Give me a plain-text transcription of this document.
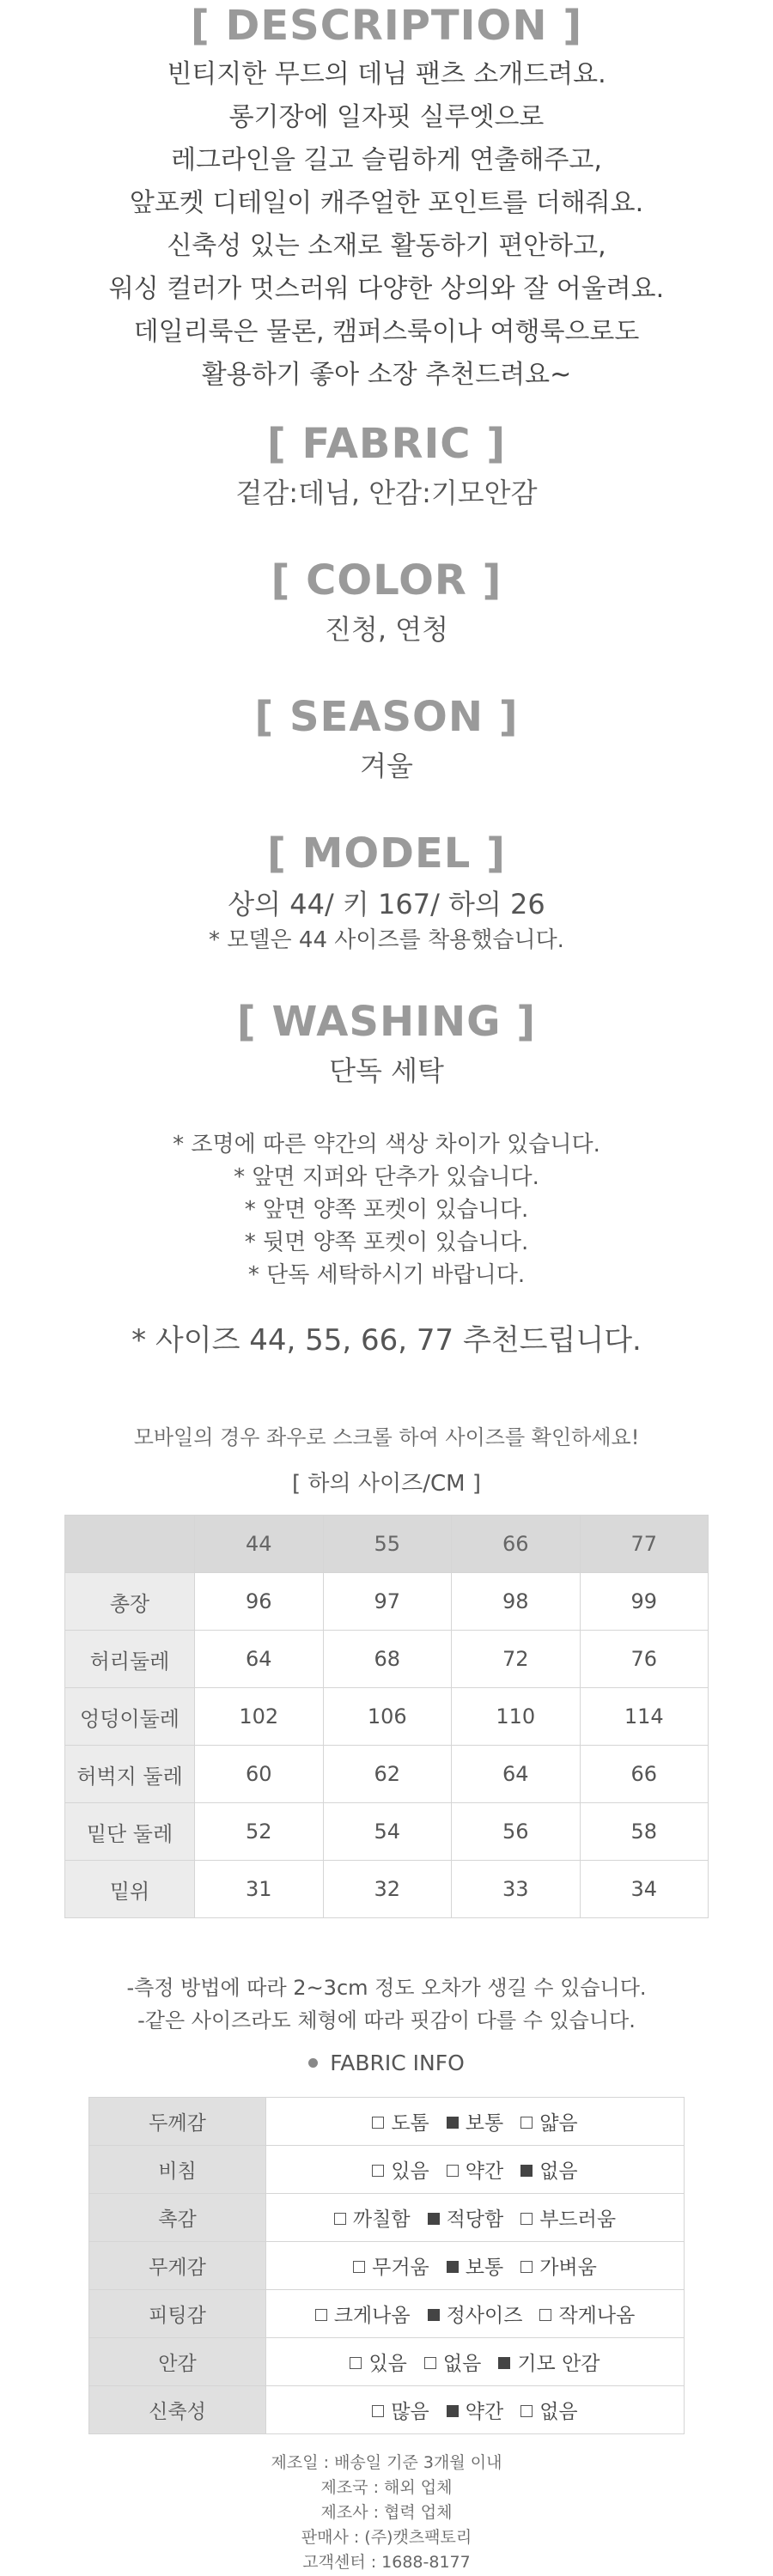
[ DESCRIPTION ]

빈티지한 무드의 데님 팬츠 소개드려요.

롱기장에 일자핏 실루엣으로

레그라인을 길고 슬림하게 연출해주고,

앞포켓 디테일이 캐주얼한 포인트를 더해줘요.

신축성 있는 소재로 활동하기 편안하고,

워싱 컬러가 멋스러워 다양한 상의와 잘 어울려요.

데일리룩은 물론, 캠퍼스룩이나 여행룩으로도

활용하기 좋아 소장 추천드려요~

[ FABRIC ]

겉감:데님, 안감:기모안감

[ COLOR ]

진청, 연청

[ SEASON ]

겨울

[ MODEL ]

상의 44/ 키 167/ 하의 26

* 모델은 44 사이즈를 착용했습니다.

[ WASHING ]

단독 세탁

* 조명에 따른 약간의 색상 차이가 있습니다.

* 앞면 지퍼와 단추가 있습니다.

* 앞면 양쪽 포켓이 있습니다.

* 뒷면 양쪽 포켓이 있습니다.

* 단독 세탁하시기 바랍니다.

* 사이즈 44, 55, 66, 77 추천드립니다.

모바일의 경우 좌우로 스크롤 하여 사이즈를 확인하세요!

[ 하의 사이즈/CM ]

	44	55	66	77
총장	96	97	98	99
허리둘레	64	68	72	76
엉덩이둘레	102	106	110	114
허벅지 둘레	60	62	64	66
밑단 둘레	52	54	56	58
밑위	31	32	33	34

-측정 방법에 따라 2~3cm 정도 오차가 생길 수 있습니다.

-같은 사이즈라도 체형에 따라 핏감이 다를 수 있습니다.

FABRIC INFO

두께감	도톰 보통 얇음
비침	있음 약간 없음
촉감	까칠함 적당함 부드러움
무게감	무거움 보통 가벼움
피팅감	크게나옴 정사이즈 작게나옴
안감	있음 없음 기모 안감
신축성	많음 약간 없음

제조일 : 배송일 기준 3개월 이내

제조국 : 해외 업체

제조사 : 협력 업체

판매사 : (주)캣츠팩토리

고객센터 : 1688-8177
